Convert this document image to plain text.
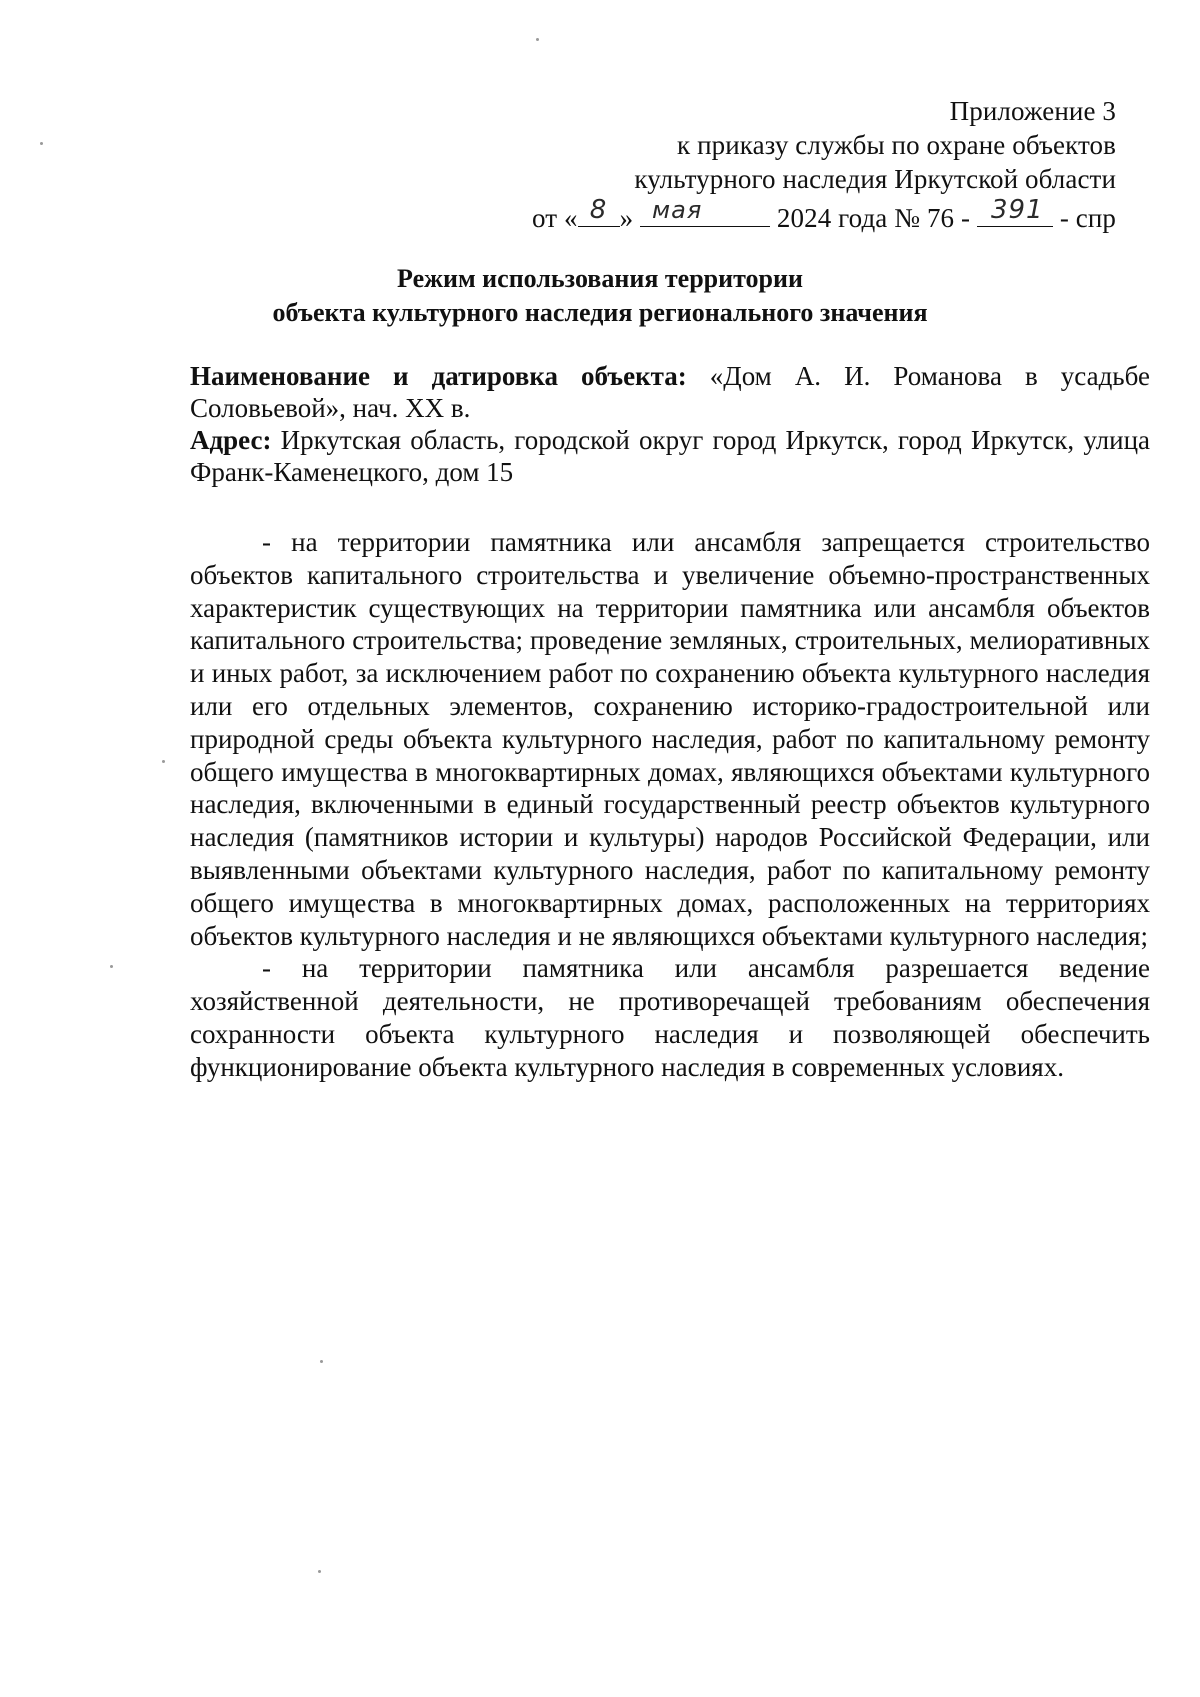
Приложение 3
к приказу службы по охране объектов
культурного наследия Иркутской области
от « 8 » мая	2024 года № 76 - 391 - спр
Режим использования территории
объекта культурного наследия регионального значения

Наименование и датировка объекта: «Дом А. И. Романова в усадьбе Соловьевой», нач. XX в.

Адрес: Иркутская область, городской округ город Иркутск, город Иркутск, улица Франк-Каменецкого, дом 15

- на территории памятника или ансамбля запрещается строительство объектов капитального строительства и увеличение объемно-пространственных характеристик существующих на территории памятника или ансамбля объектов капитального строительства; проведение земляных, строительных, мелиоративных и иных работ, за исключением работ по сохранению объекта культурного наследия или его отдельных элементов, сохранению историко-градостроительной или природной среды объекта культурного наследия, работ по капитальному ремонту общего имущества в многоквартирных домах, являющихся объектами культурного наследия, включенными в единый государственный реестр объектов культурного наследия (памятников истории и культуры) народов Российской Федерации, или выявленными объектами культурного наследия, работ по капитальному ремонту общего имущества в многоквартирных домах, расположенных на территориях объектов культурного наследия и не являющихся объектами культурного наследия;

- на территории памятника или ансамбля разрешается ведение хозяйственной деятельности, не противоречащей требованиям обеспечения сохранности объекта культурного наследия и позволяющей обеспечить функционирование объекта культурного наследия в современных условиях.
